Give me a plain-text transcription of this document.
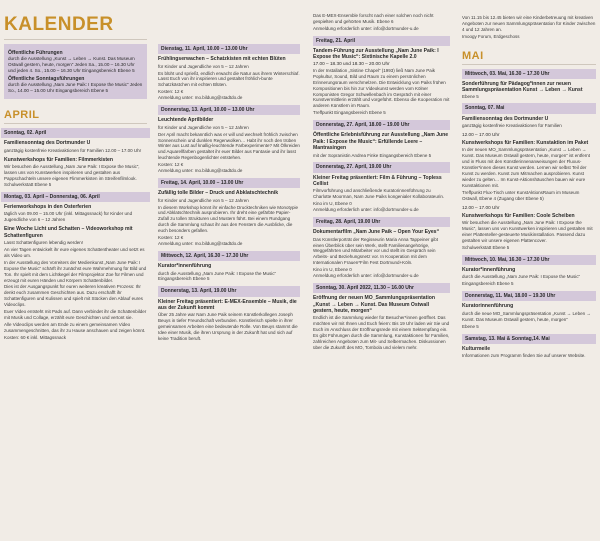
KALENDER
Öffentliche Führungen
durch die Ausstellung „Kunst → Leben → Kunst. Das Museum Ostwall gestern, heute, morgen“ Jeden Sa., 15.00 – 16.30 Uhr und jeden 4. So., 15.00 – 16.30 Uhr Eingangsbereich Ebene 5
Öffentliche Sonntagsführungen
durch die Ausstellung „Nam June Paik: I Expose the Music“ Jeden So., 14.00 – 15.00 Uhr Eingangsbereich Ebene 5
APRIL
Sonntag, 02. April
Familiensonntag des Dortmunder U
ganztägig kostenfreie Kreativaktionen für Familien 12.00 – 17.00 Uhr
Kunstwerkshops für Familien: Filmmerkisten
Wir besuchen die Ausstellung „Nam June Paik: I Expose the Music“, lassen uns von Kunstwerken inspirieren und gestalten aus Pappschachteln unsere eigenen Flimmerkisten im Streifenfilmlook. Schulwerkstatt Ebene 5
Montag, 03. April – Donnerstag, 06. April
Ferienworkshops in den Osterferien
täglich von 09.00 – 15.00 Uhr (inkl. Mittagssnack) für Kinder und Jugendliche von 6 – 12 Jahren
Eine Woche Licht und Schatten – Videoworkshop mit Schattenfiguren
Lasst Schattenfiguren lebendig werden!
An vier Tagen entwickelt ihr eure eigenes Schattentheater und setzt es als Video um.
In der Ausstellung des Vorreiters der Medienkunst „Nam June Paik: I Expose the Music“ schärft ihr zunächst eure Wahrnehmung für Bild und Ton. Ihr spielt mit dem Lichtkegel der Filmprojektor Zoe für Filmen und erzeugt mit euren Händen und Körpern Schattenbilder.
Dies ist der Ausgangspunkt für euren weiteren kreativen Prozess: Ihr denkt euch zusammen Geschichten aus. Dazu erschafft ihr Schattenfiguren und Kulissen und spielt mit Stücken den Ablauf eures Videoclips.
Euer Video entsteht mit Pads auf. Dann verbindet ihr die Schattenbilder mit Musik und Collage, erzählt eure Geschichten und vertont sie.
Alle Videoclips werden am Ende zu einem gemeinsamen Video zusammengeschnitten, das ihr zu Hause anschauen und zeigen könnt.
Kosten: 60 € inkl. Mittagssnack
Dienstag, 11. April, 10.00 – 13.00 Uhr
Frühlingserwachen – Schatzkisten mit echten Blüten
für Kinder und Jugendliche von 5 – 12 Jahren
Es blüht und sprießt, endlich erwacht die Natur aus ihrem Winterschlaf. Lasst Euch von ihr inspirieren und gestaltet fröhlich-bunte Schatzkästchen mit echten Blüten.
Kosten: 12 €
Anmeldung unter: mo.bildung@stadtdo.de
Donnerstag, 13. April, 10.00 – 13.00 Uhr
Leuchtende Aprilbilder
für Kinder und Jugendliche von 5 – 12 Jahren
Der April macht bekanntlich was er will und wechselt fröhlich zwischen Sonnenschein und dunklen Regenwolken… Habt ihr noch den trüben Winter aus Lust auf knallig-leuchtende Farbexperimente? Mit Ölkreiden und Aquarellfarben gestaltet ihr euer Bilder aus Fantasie und ihr lasst leuchtende Regenbogenlichter entstehen.
Kosten: 12 €
Anmeldung unter: mo.bildung@stadtdo.de
Freitag, 14. April, 10.00 – 13.00 Uhr
Zufällig tolle Bilder – Druck und Abklatschtechnik
für Kinder und Jugendliche von 5 – 12 Jahren
In diesem Workshop könnt ihr einfache Drucktechniken wie Monotypie und Abklatschtechnik ausprobieren. Ihr dreht eine gefärbte Papier-Zufall zu tollen Strukturen und Mustern führt. Bei einem Rundgang durch die Sammlung schaut ihr aus den Fenstern die Ausblicke, die euch besonders gefallen.
Kosten: 12 €
Anmeldung unter: mo.bildung@stadtdo.de
Mittwoch, 12. April, 16.30 – 17.30 Uhr
Kurator*innenführung
durch die Ausstellung „Nam June Paik: I Expose the Music“ Eingangsbereich Ebene 5
Donnerstag, 13. April, 19.00 Uhr
Kleiner Freitag präsentiert: E-MEX-Ensemble – Musik, die aus der Zukunft kommt
Über 25 Jahre war Nam June Paik seinem Künstlerkollegen Joseph Beuys in tiefer Freundschaft verbunden. Künstlerisch spielte in ihrer gemeinsamen Arbeiten eine bedeutende Rolle. Von Beuys stammt die Idee einer Musik, die ihren Ursprung in der Zukunft hat und sich auf keine Tradition beruft.
Das E-MEX-Ensemble forscht nach einer solchen noch nicht gespielten und gehörten Musik. Ebene 6
Anmeldung erforderlich unter: info@dortmunder-u.de
Freitag, 21. April
Tandem-Führung zur Ausstellung „Nam June Paik: I Expose the Music“: Sixtinische Kapelle 2.0
17.00 – 18.30 und 18.30 – 20.00 Uhr
In der Installation „Sistine Chapel“ (1993) ließ Nam June Paik Popkultur, Sound, Bild und Raum zu einem persönlichen Erinnerungsraum verschmelzen. Die Entwicklung von Paiks frühen Kompositionen bis hin zur Videokunst werden vom Kölner Komponisten Gregor Schwellenbach im Gespräch mit einer Kunstvermittlerin erzählt und vorgeführt. Ebenso die Kooperation mit anderen Künstlern im Raum.
Treffpunkt Eingangsbereich Ebene 5
Donnerstag, 27. April, 18.00 – 19.00 Uhr
Öffentliche Erlebnisführung zur Ausstellung „Nam June Paik: I Expose the Music“: Erfüllende Leere – Mantrasingen
mit der Sopranistin Andrea Finke Eingangsbereich Ebene 5
Donnerstag, 27. April, 19.00 Uhr
Kleiner Freitag präsentiert: Film & Führung – Topless Cellist
Filmvorführung und anschließende Kuratorinnenführung zu Charlotte Moorman, Nam June Paiks kongenialer Kollaborateurin.
Kino im U, Ebene 0
Anmeldung erforderlich unter: info@dortmunder-u.de
Freitag, 28. April, 19.00 Uhr
Dokumentarfilm „Nam June Paik – Open Your Eyes“
Das Künstlerporträt der Regisseurin Maria Anna Tappeiner gibt einen Überblick über sein Werk, stellt Familienangehörige, Weggefährten und Mitarbeiter vor und stellt im Gespräch sein Arbeits- und Beziehungsnetz vor. In Kooperation mit dem Internationalen Frauen*Film Fest Dortmund+Köln.
Kino im U, Ebene 0
Anmeldung erforderlich unter: info@dortmunder-u.de
Sonntag, 30. April 2022, 11.30 – 16.00 Uhr
Eröffnung der neuen MO_Sammlungspräsentation „Kunst → Leben → Kunst. Das Museum Ostwall gestern, heute, morgen“
Endlich ist die Sammlung wieder für Besucher*innen geöffnet. Das möchten wir mit Ihnen und Euch feiern: Bis 19 Uhr laden wir Sie und Euch im Anschluss der Eröffnungsrede mit einem Sektempfang ein. Es gibt Führungen durch die Sammlung, Kunstaktionen für Familien, zahlreichen Angeboten zum Mit- und Selbermachen. Diskussionen über die Zukunft des MO, Tombola und vielem mehr.
Von 11.15 bis 12.45 bieten wir eine Kinderbetreuung mit kreativen Angeboten zur neuen Sammlungspräsentation für Kinder zwischen 4 und 12 Jahren an.
Imoogy Forum, Erdgeschoss
MAI
Mittwoch, 03. Mai, 16.30 – 17.30 Uhr
Sonderführung für Pädagog*innen zur neuen Sammlungspräsentation Kunst → Leben → Kunst
Ebene 5
Sonntag, 07. Mai
Familiensonntag des Dortmunder U
ganztägig kostenfreie Kreativaktionen für Familien
12.00 – 17.00 Uhr
Kunstwerkshops für Familien: Kunstaktion im Paket
In der neuen MO_Sammlungspräsentation „Kunst → Leben → Kunst. Das Museum Ostwall gestern, heute, morgen“ ist entfernt und in Fluss mit den Künstlerinnenanweisungen der Fluxus-Künstler*innen dieses Kunst werden. Lernen wir selbst Teil der Kunst zu werden. Kunst zum Mitmachen ausprobieren. Kunst wieder zu gelten… Im Kunst-Aktionshäuschen bauen wir eure Kunstaktionen mit.
Treffpunkt Flux-Tisch unter KunstAktionsRaum im Museum Ostwall, Ebene 4 (Zugang über Ebene 5)
12.00 – 17.00 Uhr
Kunstwerkshops für Familien: Coole Scheiben
Wir besuchen die Ausstellung „Nam June Paik: I Expose the Music“, lassen uns von Kunstwerken inspirieren und gestalten mit einer Plattenteller-gesteuerte Musikinstallation. Passend dazu gestalten wir unsere eigenen Plattencover.
Schulwerkstatt Ebene 5
Mittwoch, 10. Mai, 16.30 – 17.30 Uhr
Kurator*innenführung
durch die Ausstellung „Nam June Paik: I Expose the Music“
Eingangsbereich Ebene 5
Donnerstag, 11. Mai, 18.00 – 19.30 Uhr
Kuratorinnenführung
durch die neue MO_Sammlungspräsentation „Kunst → Leben → Kunst. Das Museum Ostwall gestern, heute, morgen“
Ebene 5
Samstag, 13. Mai & Sonntag,14. Mai
Kulturmeile
Informationen zum Programm finden Sie auf unserer Website.
